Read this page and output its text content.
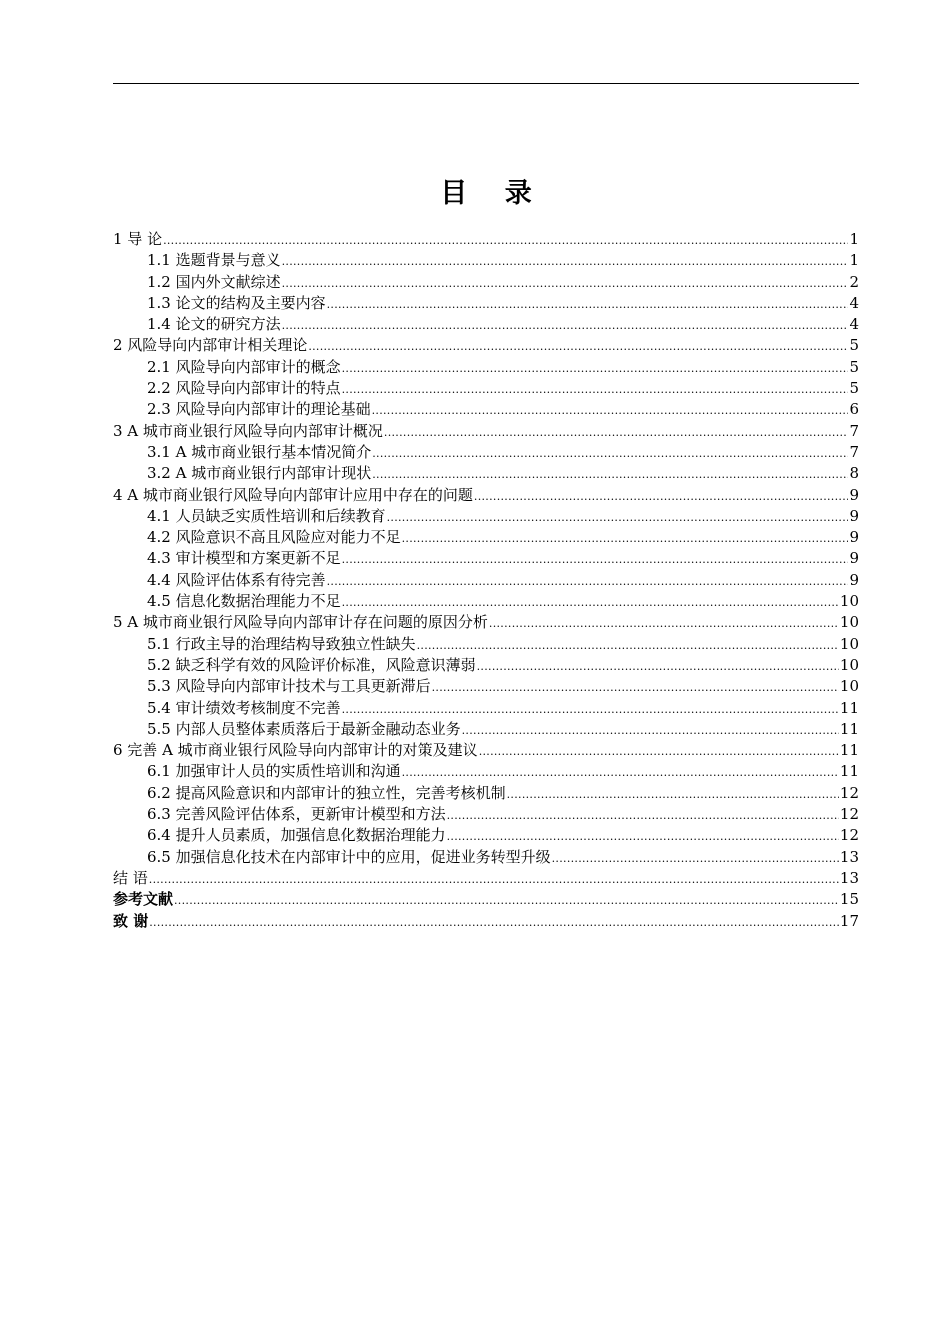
目 录
1 导 论 .....	1
1.1 选题背景与意义 .....	1
1.2 国内外文献综述 .....	2
1.3 论文的结构及主要内容 .....	4
1.4 论文的研究方法 .....	4
2 风险导向内部审计相关理论 .....	5
2.1 风险导向内部审计的概念 .....	5
2.2 风险导向内部审计的特点 .....	5
2.3 风险导向内部审计的理论基础 .....	6
3 A 城市商业银行风险导向内部审计概况 .....	7
3.1 A 城市商业银行基本情况简介 .....	7
3.2 A 城市商业银行内部审计现状 .....	8
4 A 城市商业银行风险导向内部审计应用中存在的问题 .....	9
4.1 人员缺乏实质性培训和后续教育 .....	9
4.2 风险意识不高且风险应对能力不足 .....	9
4.3 审计模型和方案更新不足 .....	9
4.4 风险评估体系有待完善 .....	9
4.5 信息化数据治理能力不足 .....	10
5 A 城市商业银行风险导向内部审计存在问题的原因分析 .....	10
5.1 行政主导的治理结构导致独立性缺失 .....	10
5.2 缺乏科学有效的风险评价标准，风险意识薄弱 .....	10
5.3 风险导向内部审计技术与工具更新滞后 .....	10
5.4 审计绩效考核制度不完善 .....	11
5.5 内部人员整体素质落后于最新金融动态业务 .....	11
6 完善 A 城市商业银行风险导向内部审计的对策及建议 .....	11
6.1 加强审计人员的实质性培训和沟通 .....	11
6.2 提高风险意识和内部审计的独立性，完善考核机制 .....	12
6.3 完善风险评估体系，更新审计模型和方法 .....	12
6.4 提升人员素质，加强信息化数据治理能力 .....	12
6.5 加强信息化技术在内部审计中的应用，促进业务转型升级 .....	13
结 语 .....	13
参考文献 .....	15
致 谢 .....	17
